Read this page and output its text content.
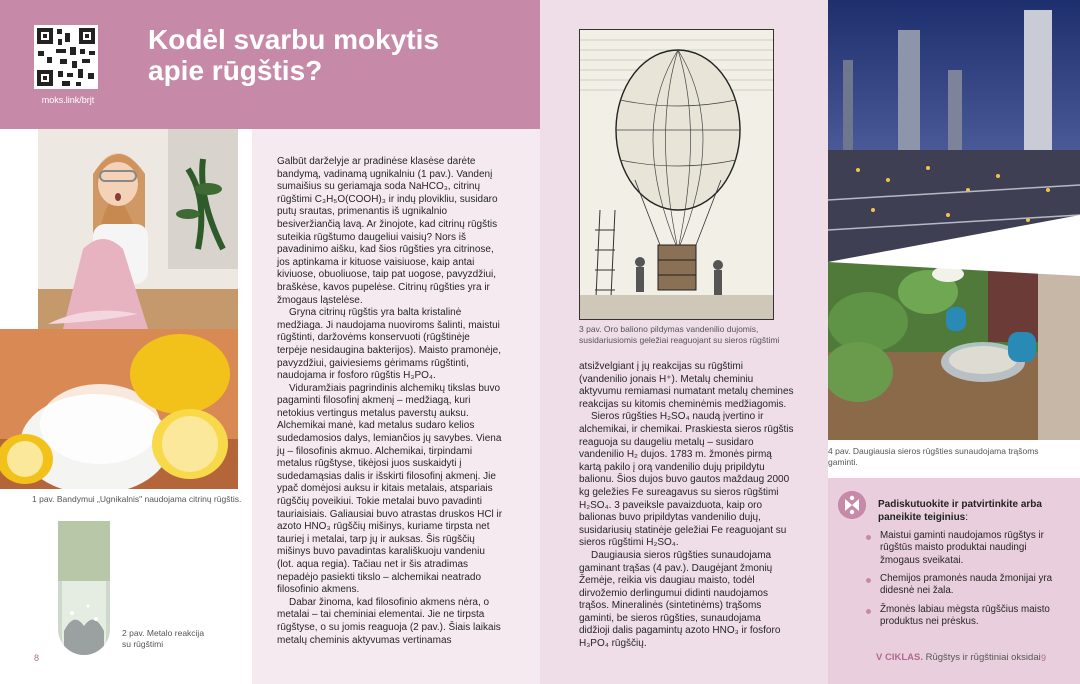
moks.link/brjt
Kodėl svarbu mokytis
apie rūgštis?
1 pav. Bandymui „Ugnikalnis" naudojama citrinų rūgštis.
2 pav. Metalo reakcija
su rūgštimi
8

Galbūt darželyje ar pradinėse klasėse darėte bandymą, vadinamą ugnikalniu (1 pav.). Vandenį sumaišius su geriamąja soda NaHCO₃, citrinų rūgštimi C₃H₅O(COOH)₃ ir indų plovikliu, susidaro putų srautas, primenantis iš ugnikalnio besiveržiančią lavą. Ar žinojote, kad citrinų rūgštis suteikia rūgštumo daugeliui vaisių? Nors iš pavadinimo aišku, kad šios rūgšties yra citrinose, jos aptinkama ir kituose vaisiuose, kaip antai kiviuose, obuoliuose, taip pat uogose, pavyzdžiui, braškėse, kavos pupelėse. Citrinų rūgšties yra ir žmogaus ląstelėse.

Gryna citrinų rūgštis yra balta kristalinė medžiaga. Ji naudojama nuoviroms šalinti, maistui rūgštinti, daržovėms konservuoti (rūgštinėje terpėje nesidaugina bakterijos). Maisto pramonėje, pavyzdžiui, gaiviesiems gėrimams rūgštinti, naudojama ir fosforo rūgštis H₃PO₄.

Viduramžiais pagrindinis alchemikų tikslas buvo pagaminti filosofinį akmenį – medžiagą, kuri netokius vertingus metalus paverstų auksu. Alchemikai manė, kad metalus sudaro kelios sudedamosios dalys, lemiančios jų savybes. Viena jų – filosofinis akmuo. Alchemikai, tirpindami metalus rūgštyse, tikėjosi juos suskaidyti į sudedamąsias dalis ir išskirti filosofinį akmenį. Jie ypač domėjosi auksu ir kitais metalais, atspariais rūgščių poveikiui. Tokie metalai buvo pavadinti tauriaisiais. Galiausiai buvo atrastas druskos HCl ir azoto HNO₃ rūgščių mišinys, kuriame tirpsta net tauriej i metalai, tarp jų ir auksas. Šis rūgščių mišinys buvo pavadintas karališkuoju vandeniu (lot. aqua regia). Tačiau net ir šis atradimas nepadėjo pasiekti tikslo – alchemikai neatrado filosofinio akmens.

Dabar žinoma, kad filosofinio akmens nėra, o metalai – tai cheminiai elementai. Jie ne tirpsta rūgštyse, o su jomis reaguoja (2 pav.). Šiais laikais metalų cheminis aktyvumas vertinamas

3 pav. Oro baliono pildymas vandenilio dujomis,
susidariusiomis geležiai reaguojant su sieros rūgštimi

atsižvelgiant į jų reakcijas su rūgštimi (vandenilio jonais H⁺). Metalų cheminiu aktyvumu remiamasi numatant metalų chemines reakcijas su kitomis cheminėmis medžiagomis.

Sieros rūgšties H₂SO₄ naudą įvertino ir alchemikai, ir chemikai. Praskiesta sieros rūgštis reaguoja su daugeliu metalų – susidaro vandenilio H₂ dujos. 1783 m. žmonės pirmą kartą pakilo į orą vandenilio dujų pripildytu balionu. Šios dujos buvo gautos maždaug 2000 kg geležies Fe sureagavus su sieros rūgštimi H₂SO₄. 3 paveiksle pavaizduota, kaip oro balionas buvo pripildytas vandenilio dujų, susidariusių statinėje geležiai Fe reaguojant su sieros rūgštimi H₂SO₄.

Daugiausia sieros rūgšties sunaudojama gaminant trąšas (4 pav.). Daugėjant žmonių Žemėje, reikia vis daugiau maisto, todėl dirvožemio derlingumui didinti naudojamos trąšos. Mineralinės (sintetinėms) trąšoms gaminti, be sieros rūgšties, sunaudojama didžioji dalis pagamintų azoto HNO₃ ir fosforo H₃PO₄ rūgščių.

4 pav. Daugiausia sieros rūgšties sunaudojama trąšoms
gaminti.
Padiskutuokite ir patvirtinkite arba paneikite teiginius:
Maistui gaminti naudojamos rūgštys ir rūgštūs maisto produktai naudingi žmogaus sveikatai.
Chemijos pramonės nauda žmonijai yra didesnė nei žala.
Žmonės labiau mėgsta rūgščius maisto produktus nei prėskus.
V CIKLAS. Rūgštys ir rūgštiniai oksidai 9
